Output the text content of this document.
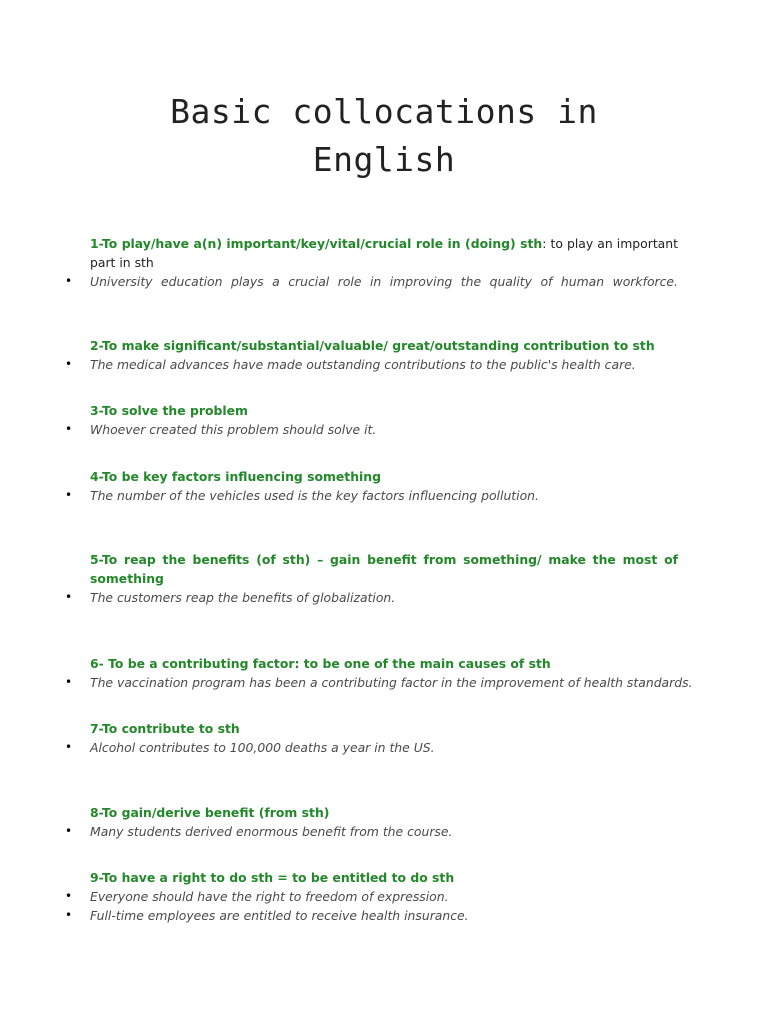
Basic collocations in
English
1-To play/have a(n) important/key/vital/crucial role in (doing) sth: to play an important part in sth
• University education plays a crucial role in improving the quality of human workforce.
2-To make significant/substantial/valuable/ great/outstanding contribution to sth
• The medical advances have made outstanding contributions to the public's health care.
3-To solve the problem
• Whoever created this problem should solve it.
4-To be key factors influencing something
• The number of the vehicles used is the key factors influencing pollution.
5-To reap the benefits (of sth) – gain benefit from something/ make the most of something
• The customers reap the benefits of globalization.
6- To be a contributing factor: to be one of the main causes of sth
• The vaccination program has been a contributing factor in the improvement of health standards.
7-To contribute to sth
• Alcohol contributes to 100,000 deaths a year in the US.
8-To gain/derive benefit (from sth)
• Many students derived enormous benefit from the course.
9-To have a right to do sth = to be entitled to do sth
• Everyone should have the right to freedom of expression.
• Full-time employees are entitled to receive health insurance.
